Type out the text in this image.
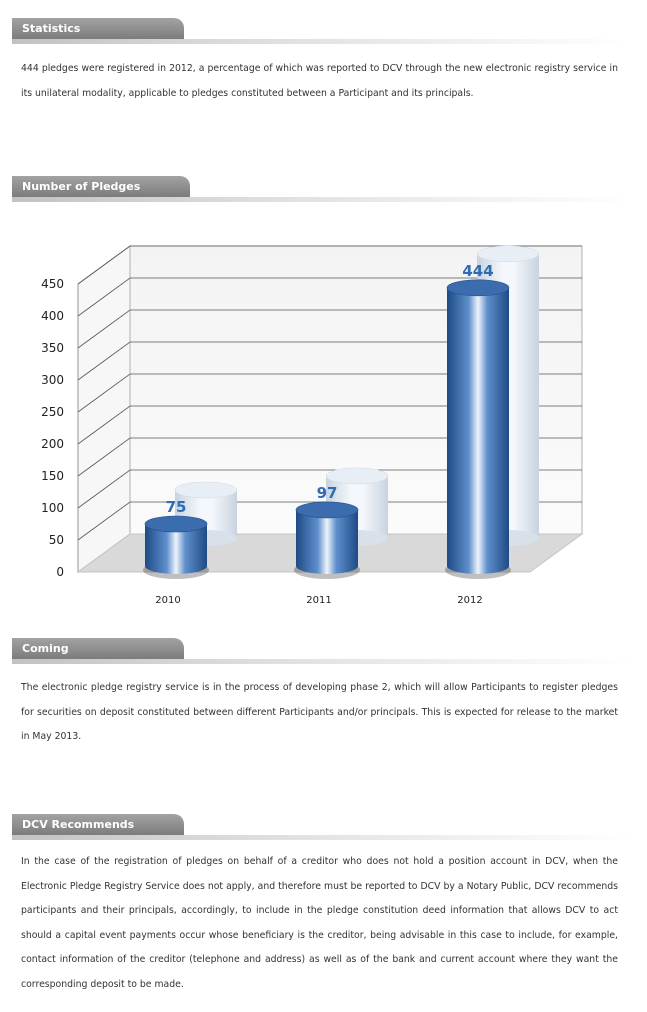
Statistics

444 pledges were registered in 2012, a percentage of which was reported to DCV through the new electronic registry service in its unilateral modality, applicable to pledges constituted between a Participant and its principals.

Number of Pledges
0
50
100
150
200
250
300
350
400
450
75
97
444
2010	2011	2012
Coming

The electronic pledge registry service is in the process of developing phase 2, which will allow Participants to register pledges for securities on deposit constituted between different Participants and/or principals. This is expected for release to the market in May 2013.

DCV Recommends

In the case of the registration of pledges on behalf of a creditor who does not hold a position account in DCV, when the Electronic Pledge Registry Service does not apply, and therefore must be reported to DCV by a Notary Public, DCV recommends participants and their principals, accordingly, to include in the pledge constitution deed information that allows DCV to act should a capital event payments occur whose beneficiary is the creditor, being advisable in this case to include, for example, contact information of the creditor (telephone and address) as well as of the bank and current account where they want the corresponding deposit to be made.
